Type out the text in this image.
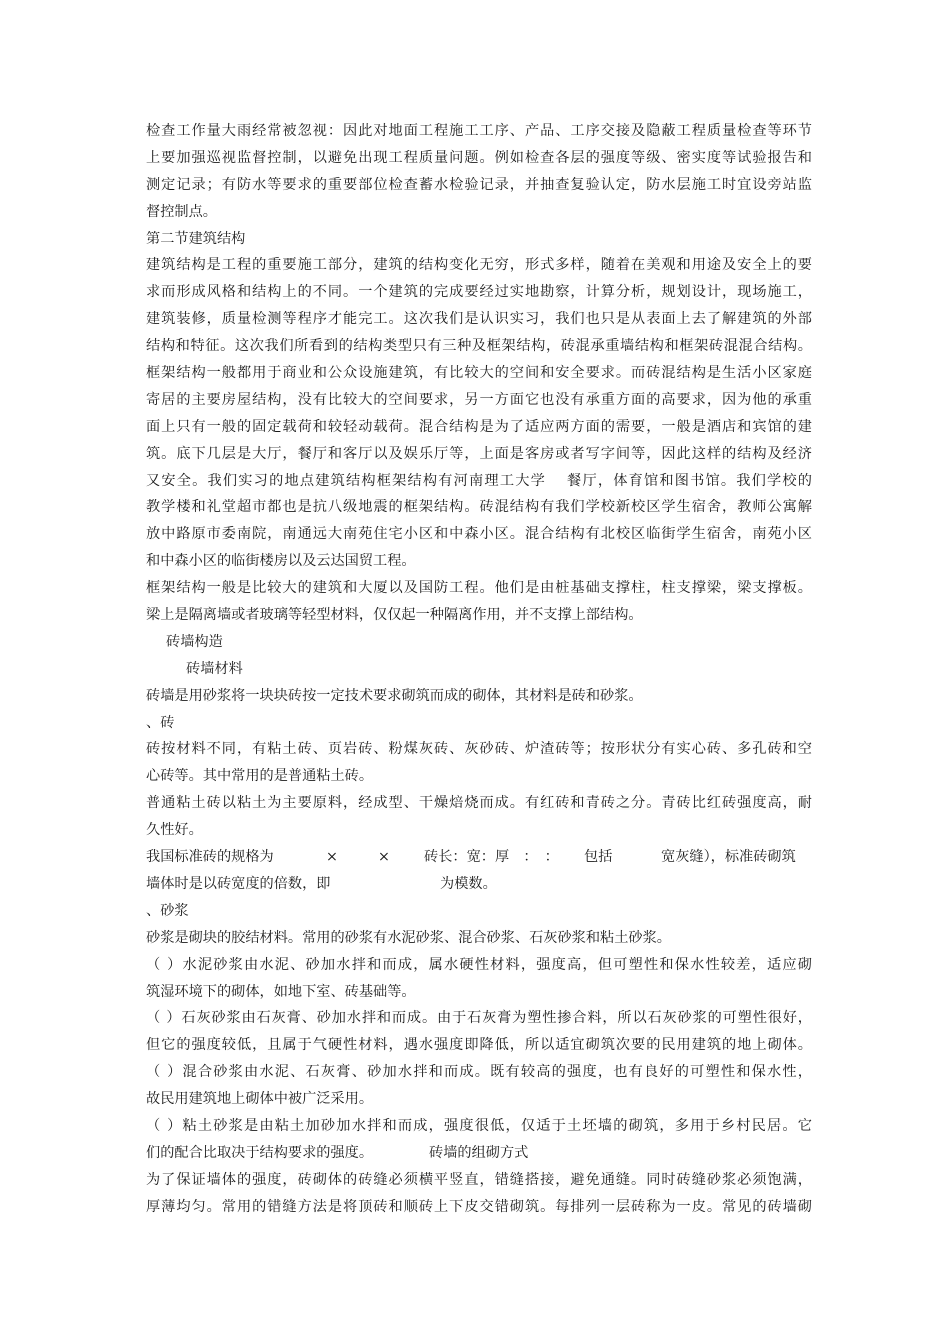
检查工作量大雨经常被忽视：因此对地面工程施工工序、产品、工序交接及隐蔽工程质量检查等环节
上要加强巡视监督控制，以避免出现工程质量问题。例如检查各层的强度等级、密实度等试验报告和
测定记录；有防水等要求的重要部位检查蓄水检验记录，并抽查复验认定，防水层施工时宜设旁站监
督控制点。
第二节建筑结构
建筑结构是工程的重要施工部分，建筑的结构变化无穷，形式多样，随着在美观和用途及安全上的要
求而形成风格和结构上的不同。一个建筑的完成要经过实地勘察，计算分析，规划设计，现场施工，
建筑装修，质量检测等程序才能完工。这次我们是认识实习，我们也只是从表面上去了解建筑的外部
结构和特征。这次我们所看到的结构类型只有三种及框架结构，砖混承重墙结构和框架砖混混合结构。
框架结构一般都用于商业和公众设施建筑，有比较大的空间和安全要求。而砖混结构是生活小区家庭
寄居的主要房屋结构，没有比较大的空间要求，另一方面它也没有承重方面的高要求，因为他的承重
面上只有一般的固定载荷和较轻动载荷。混合结构是为了适应两方面的需要，一般是酒店和宾馆的建
筑。底下几层是大厅，餐厅和客厅以及娱乐厅等，上面是客房或者写字间等，因此这样的结构及经济
又安全。我们实习的地点建筑结构框架结构有河南理工大学　 餐厅，体育馆和图书馆。我们学校的
教学楼和礼堂超市都也是抗八级地震的框架结构。砖混结构有我们学校新校区学生宿舍，教师公寓解
放中路原市委南院，南通远大南苑住宅小区和中森小区。混合结构有北校区临街学生宿舍，南苑小区
和中森小区的临街楼房以及云达国贸工程。
框架结构一般是比较大的建筑和大厦以及国防工程。他们是由桩基础支撑柱，柱支撑梁，梁支撑板。
梁上是隔离墙或者玻璃等轻型材料，仅仅起一种隔离作用，并不支撑上部结构。
砖墙构造
砖墙材料
砖墙是用砂浆将一块块砖按一定技术要求砌筑而成的砌体，其材料是砖和砂浆。
、砖
砖按材料不同，有粘土砖、页岩砖、粉煤灰砖、灰砂砖、炉渣砖等；按形状分有实心砖、多孔砖和空
心砖等。其中常用的是普通粘土砖。
普通粘土砖以粘土为主要原料，经成型、干燥焙烧而成。有红砖和青砖之分。青砖比红砖强度高，耐
久性好。
我国标准砖的规格为	×	× 砖长：宽：厚　：　： 包括	宽灰缝），标准砖砌筑
墙体时是以砖宽度的倍数，即	为模数。
、砂浆
砂浆是砌块的胶结材料。常用的砂浆有水泥砂浆、混合砂浆、石灰砂浆和粘土砂浆。
（ ）水泥砂浆由水泥、砂加水拌和而成，属水硬性材料，强度高，但可塑性和保水性较差，适应砌
筑湿环境下的砌体，如地下室、砖基础等。
（ ）石灰砂浆由石灰膏、砂加水拌和而成。由于石灰膏为塑性掺合料，所以石灰砂浆的可塑性很好，
但它的强度较低，且属于气硬性材料，遇水强度即降低，所以适宜砌筑次要的民用建筑的地上砌体。
（ ）混合砂浆由水泥、石灰膏、砂加水拌和而成。既有较高的强度，也有良好的可塑性和保水性，
故民用建筑地上砌体中被广泛采用。
（ ）粘土砂浆是由粘土加砂加水拌和而成，强度很低，仅适于土坯墙的砌筑，多用于乡村民居。它
们的配合比取决于结构要求的强度。	砖墙的组砌方式
为了保证墙体的强度，砖砌体的砖缝必须横平竖直，错缝搭接，避免通缝。同时砖缝砂浆必须饱满，
厚薄均匀。常用的错缝方法是将顶砖和顺砖上下皮交错砌筑。每排列一层砖称为一皮。常见的砖墙砌
